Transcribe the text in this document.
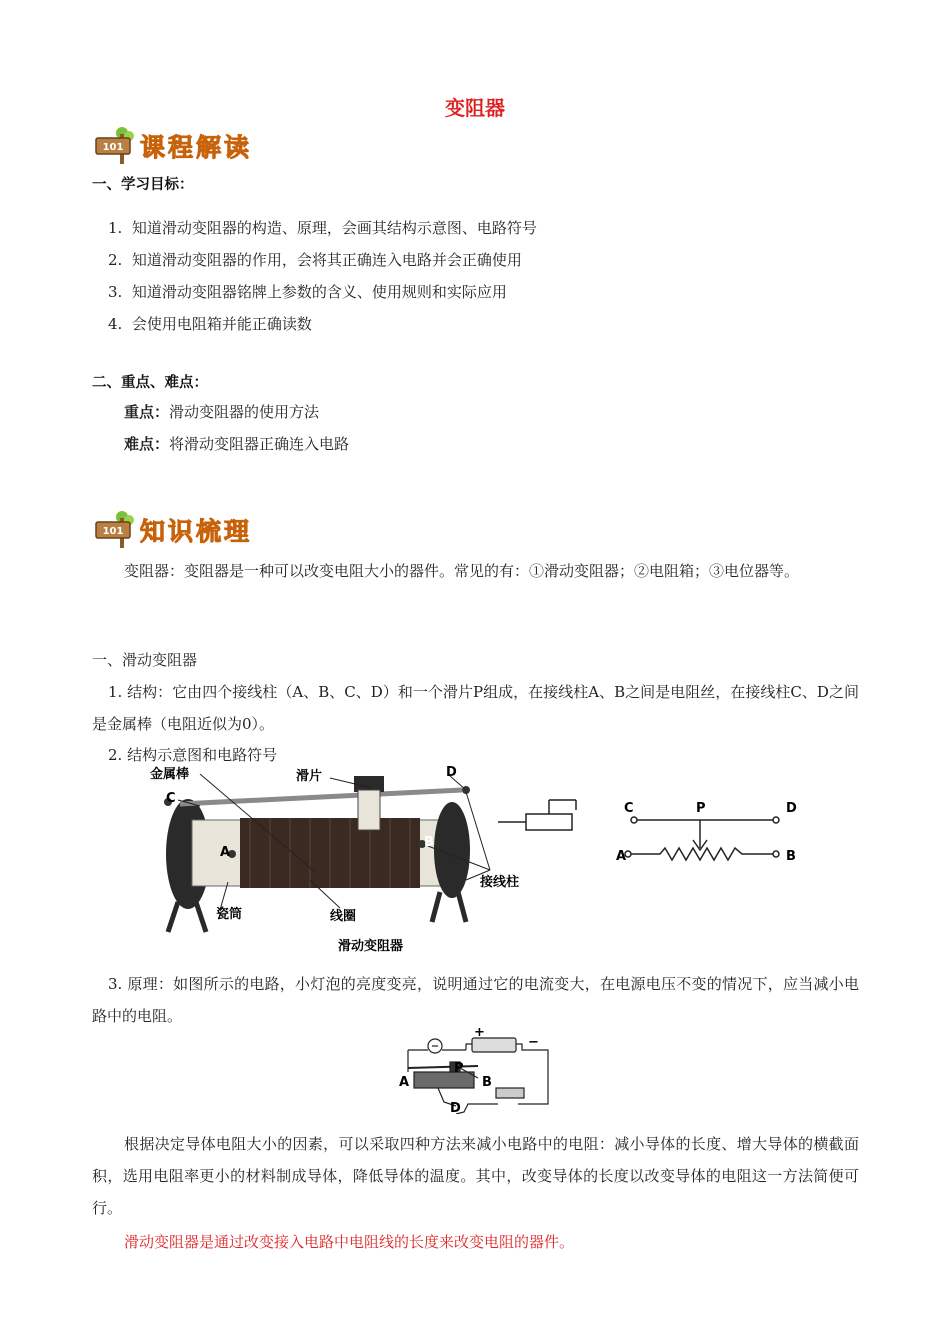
变阻器
101 课程解读
一、学习目标：
1. 知道滑动变阻器的构造、原理，会画其结构示意图、电路符号
2. 知道滑动变阻器的作用，会将其正确连入电路并会正确使用
3. 知道滑动变阻器铭牌上参数的含义、使用规则和实际应用
4. 会使用电阻箱并能正确读数
二、重点、难点：
重点：滑动变阻器的使用方法
难点：将滑动变阻器正确连入电路
101 知识梳理
变阻器：变阻器是一种可以改变电阻大小的器件。常见的有：①滑动变阻器；②电阻箱；③电位器等。
一、滑动变阻器
1. 结构：它由四个接线柱（A、B、C、D）和一个滑片P组成，在接线柱A、B之间是电阻丝，在接线柱C、D之间是金属棒（电阻近似为0）。
2. 结构示意图和电路符号
金属棒	滑片	D
C
A
B
接线柱
瓷筒	线圈
滑动变阻器
C	P	D
A	B
3. 原理：如图所示的电路，小灯泡的亮度变亮，说明通过它的电流变大，在电源电压不变的情况下，应当减小电路中的电阻。
A
P
B
D
+
−
根据决定导体电阻大小的因素，可以采取四种方法来减小电路中的电阻：减小导体的长度、增大导体的横截面积，选用电阻率更小的材料制成导体，降低导体的温度。其中，改变导体的长度以改变导体的电阻这一方法简便可行。
滑动变阻器是通过改变接入电路中电阻线的长度来改变电阻的器件。
